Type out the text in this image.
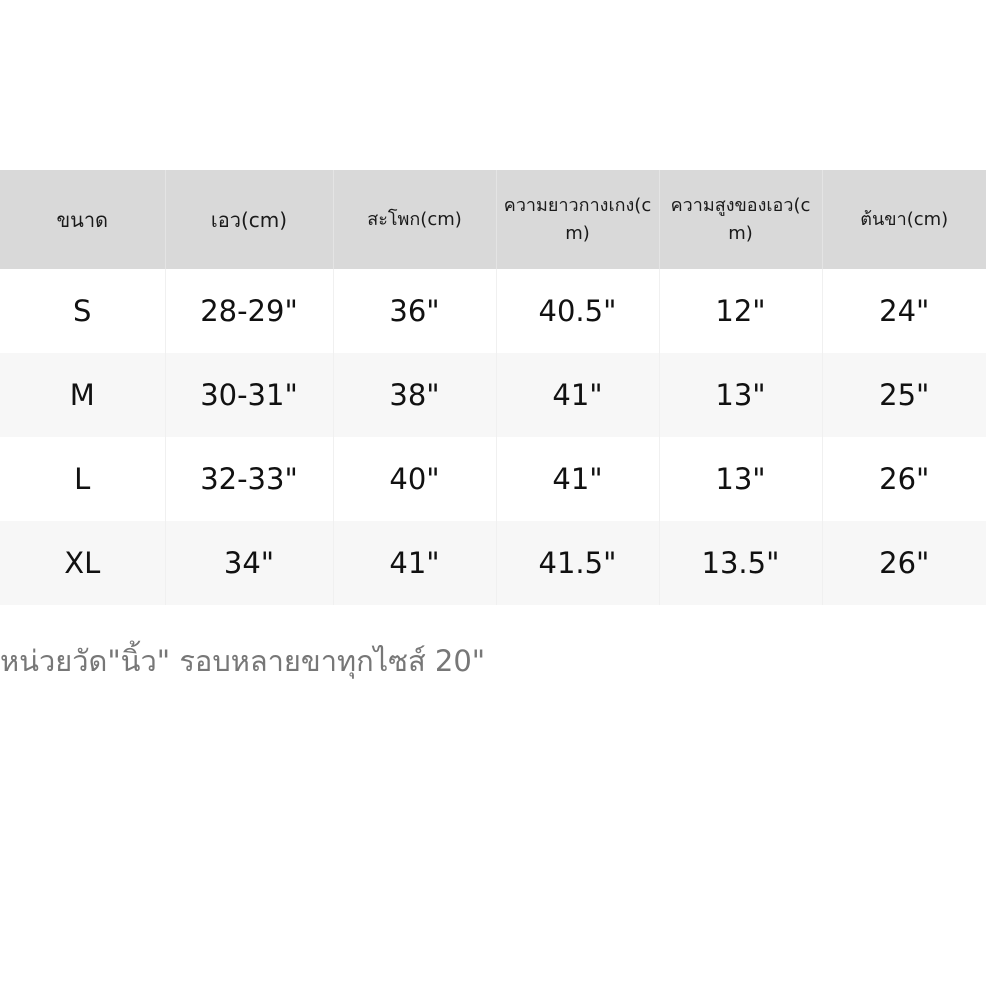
ขนาด	เอว(cm)	สะโพก(cm)	ความยาวกางเกง(cm)	ความสูงของเอว(cm)	ต้นขา(cm)
S	28-29"	36"	40.5"	12"	24"
M	30-31"	38"	41"	13"	25"
L	32-33"	40"	41"	13"	26"
XL	34"	41"	41.5"	13.5"	26"
หน่วยวัด"นิ้ว" รอบหลายขาทุกไซส์ 20"
